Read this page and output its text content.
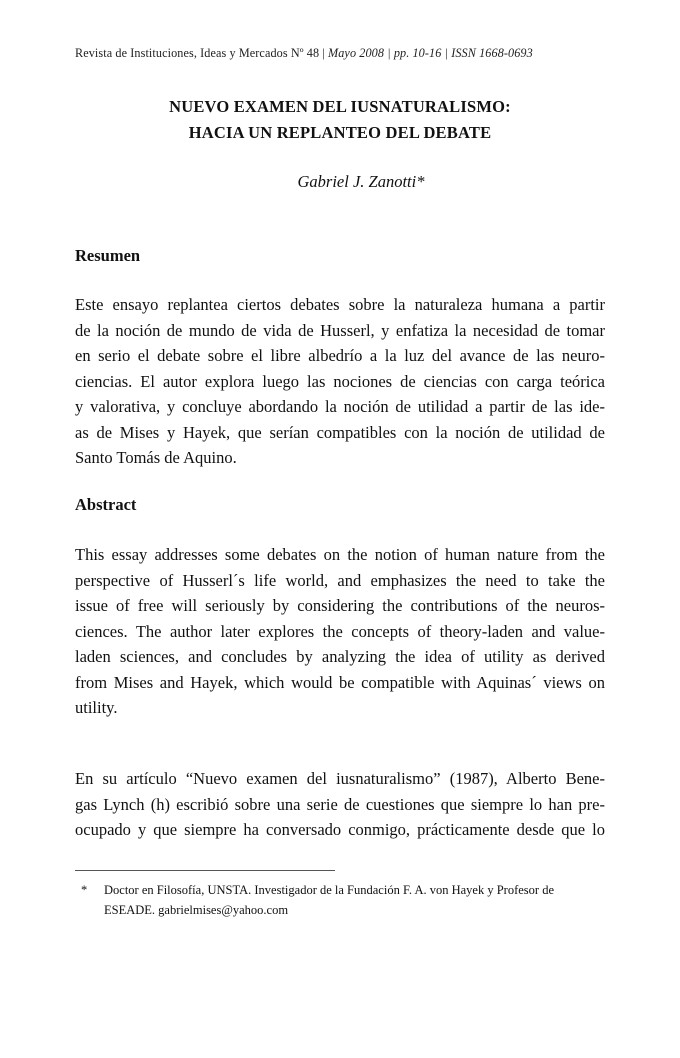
Revista de Instituciones, Ideas y Mercados Nº 48 | Mayo 2008 | pp. 10-16 | ISSN 1668-0693
NUEVO EXAMEN DEL IUSNATURALISMO:
HACIA UN REPLANTEO DEL DEBATE
Gabriel J. Zanotti*
Resumen
Este ensayo replantea ciertos debates sobre la naturaleza humana a partir
de la noción de mundo de vida de Husserl, y enfatiza la necesidad de tomar
en serio el debate sobre el libre albedrío a la luz del avance de las neuro-
ciencias. El autor explora luego las nociones de ciencias con carga teórica
y valorativa, y concluye abordando la noción de utilidad a partir de las ide-
as de Mises y Hayek, que serían compatibles con la noción de utilidad de
Santo Tomás de Aquino.
Abstract
This essay addresses some debates on the notion of human nature from the
perspective of Husserl´s life world, and emphasizes the need to take the
issue of free will seriously by considering the contributions of the neuros-
ciences. The author later explores the concepts of theory-laden and value-
laden sciences, and concludes by analyzing the idea of utility as derived
from Mises and Hayek, which would be compatible with Aquinas´ views on
utility.
En su artículo “Nuevo examen del iusnaturalismo” (1987), Alberto Bene-
gas Lynch (h) escribió sobre una serie de cuestiones que siempre lo han pre-
ocupado y que siempre ha conversado conmigo, prácticamente desde que lo
* Doctor en Filosofía, UNSTA. Investigador de la Fundación F. A. von Hayek y Profesor de
ESEADE. gabrielmises@yahoo.com
